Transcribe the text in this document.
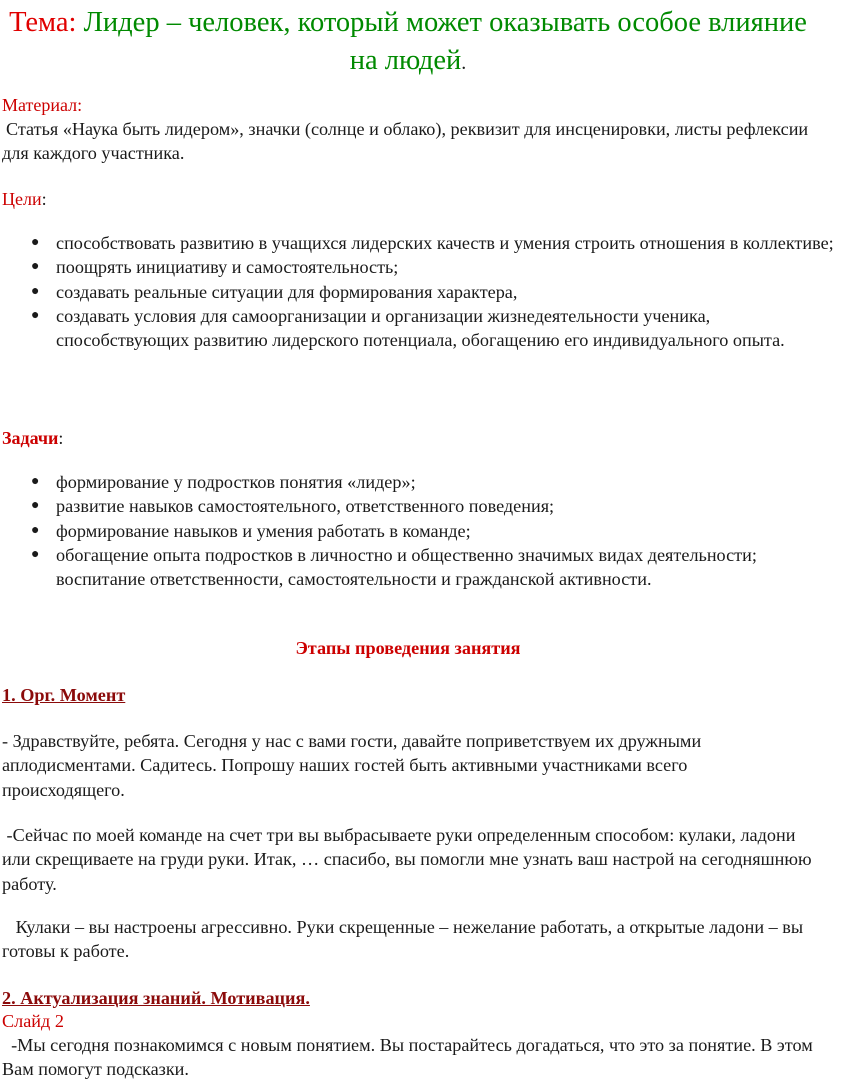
Тема: Лидер – человек, который может оказывать особое влияние на людей.
Материал:
Статья «Наука быть лидером», значки (солнце и облако), реквизит для инсценировки, листы рефлексии для каждого участника.
Цели:
● способствовать развитию в учащихся лидерских качеств и умения строить отношения в коллективе;
● поощрять инициативу и самостоятельность;
● создавать реальные ситуации для формирования характера,
● создавать условия для самоорганизации и организации жизнедеятельности ученика, способствующих развитию лидерского потенциала, обогащению его индивидуального опыта.
Задачи:
● формирование у подростков понятия «лидер»;
● развитие навыков самостоятельного, ответственного поведения;
● формирование навыков и умения работать в команде;
● обогащение опыта подростков в личностно и общественно значимых видах деятельности; воспитание ответственности, самостоятельности и гражданской активности.
Этапы проведения занятия
1. Орг. Момент
- Здравствуйте, ребята. Сегодня у нас с вами гости, давайте поприветствуем их дружными аплодисментами. Садитесь. Попрошу наших гостей быть активными участниками всего происходящего.
-Сейчас по моей команде на счет три вы выбрасываете руки определенным способом: кулаки, ладони или скрещиваете на груди руки. Итак, … спасибо, вы помогли мне узнать ваш настрой на сегодняшнюю работу.
Кулаки – вы настроены агрессивно. Руки скрещенные – нежелание работать, а открытые ладони – вы готовы к работе.
2. Актуализация знаний. Мотивация.
Слайд 2
-Мы сегодня познакомимся с новым понятием. Вы постарайтесь догадаться, что это за понятие. В этом Вам помогут подсказки.
